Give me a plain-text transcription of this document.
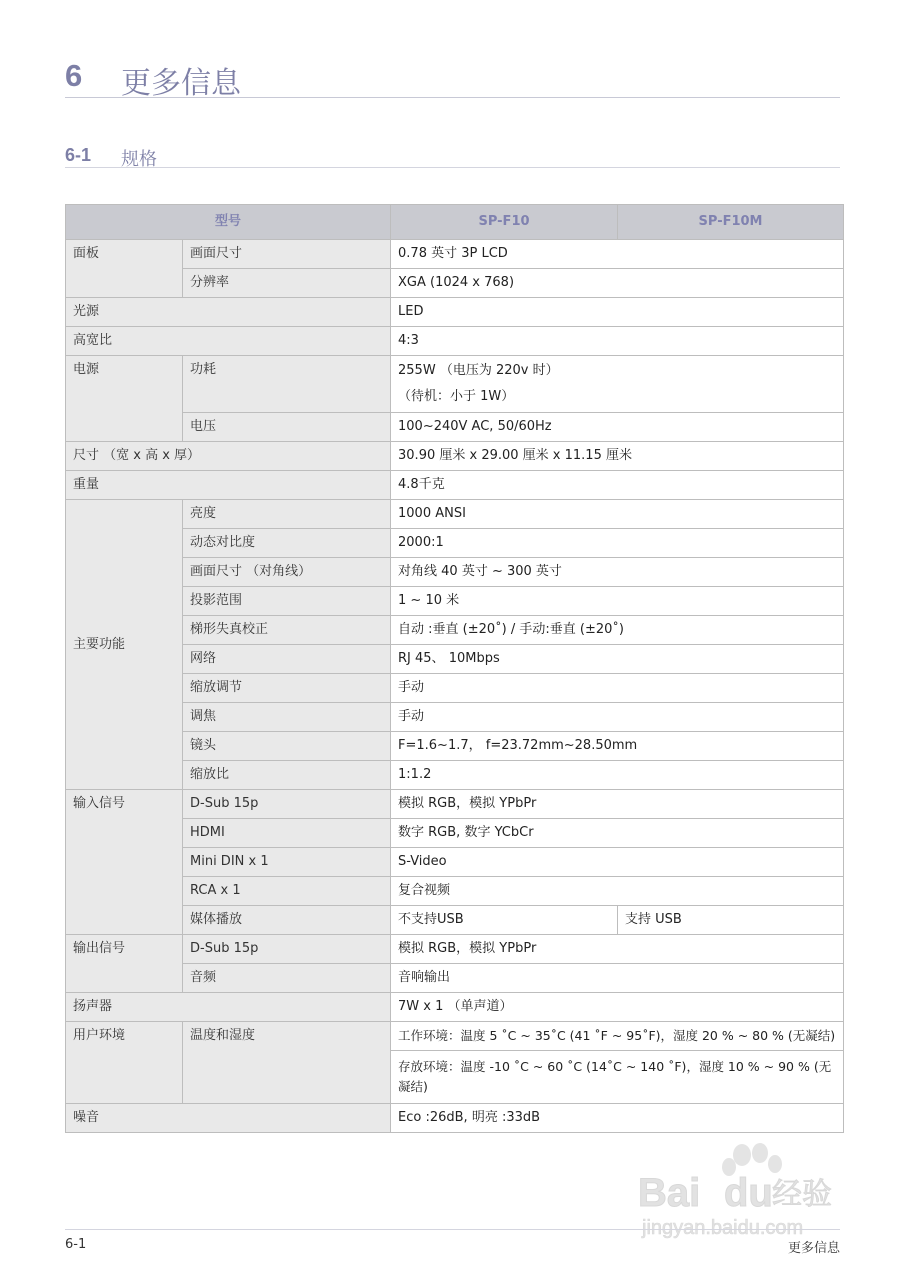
6 更多信息
6-1 规格
型号		SP-F10	SP-F10M
面板	画面尺寸	0.78 英寸 3P LCD	
	分辨率	XGA (1024 x 768)	
光源		LED	
高宽比		4:3	
电源	功耗	255W （电压为 220v 时）
（待机：小于 1W）	

	电压	100~240V AC, 50/60Hz	
尺寸 （宽 x 高 x 厚）		30.90 厘米 x 29.00 厘米 x 11.15 厘米	
重量		4.8千克	
主要功能	亮度	1000 ANSI	
	动态对比度	2000:1	
	画面尺寸 （对角线）	对角线 40 英寸 ~ 300 英寸	
	投影范围	1 ~ 10 米	
	梯形失真校正	自动 :垂直 (±20˚) / 手动:垂直 (±20˚)	
	网络	RJ 45、 10Mbps	
	缩放调节	手动	
	调焦	手动	
	镜头	F=1.6~1.7， f=23.72mm~28.50mm	
	缩放比	1:1.2	
输入信号	D-Sub 15p	模拟 RGB，模拟 YPbPr	
	HDMI	数字 RGB, 数字 YCbCr	
	Mini DIN x 1	S-Video	
	RCA x 1	复合视频	
	媒体播放	不支持USB	支持 USB
输出信号	D-Sub 15p	模拟 RGB，模拟 YPbPr	
	音频	音响输出	
扬声器		7W x 1 （单声道）	
用户环境	温度和湿度	工作环境：温度 5 ˚C ~ 35˚C (41 ˚F ~ 95˚F)，湿度 20 % ~ 80 % (无凝结)	
		存放环境：温度 -10 ˚C ~ 60 ˚C (14˚C ~ 140 ˚F)，湿度 10 % ~ 90 % (无凝结)	
噪音		Eco :26dB, 明亮 :33dB	
Bai du 经验
jingyan.baidu.com
6-1	更多信息
